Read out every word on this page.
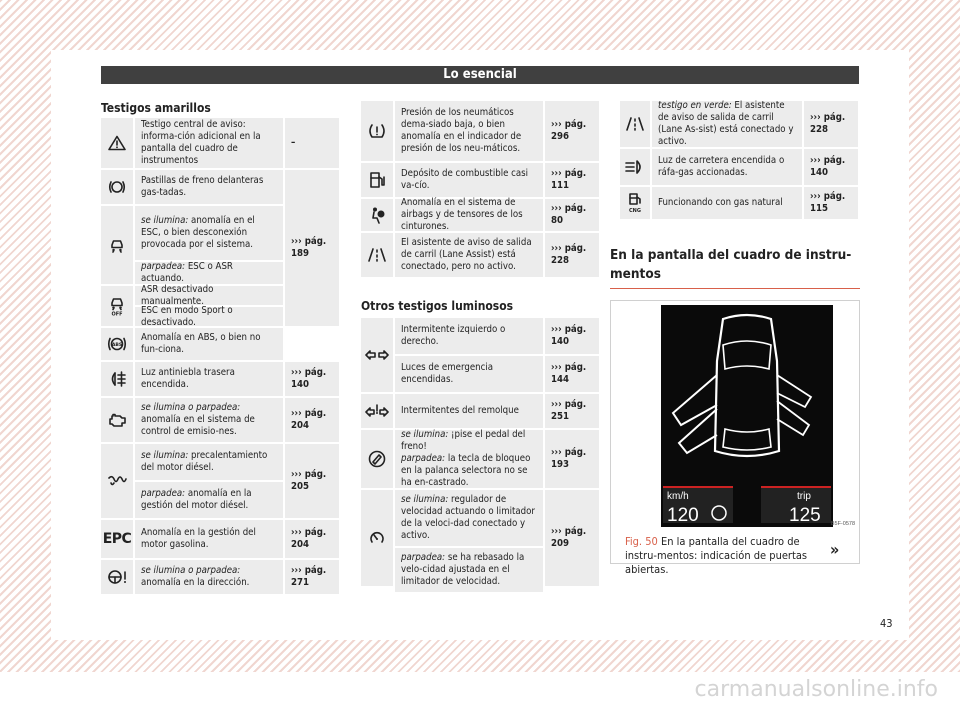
Lo esencial
Testigos amarillos
Testigo central de aviso: informa-ción adicional en la pantalla del cuadro de instrumentos
–
OFF
Pastillas de freno delanteras gas-tadas.
se ilumina: anomalía en el ESC, o bien desconexión provocada por el sistema.
parpadea: ESC o ASR actuando.
ASR desactivado manualmente.
ESC en modo Sport o desactivado.
››› pág. 189
ABS
Anomalía en ABS, o bien no fun-ciona.
Luz antiniebla trasera encendida.
››› pág. 140
se ilumina o parpadea: anomalía en el sistema de control de emisio-nes.
››› pág. 204
se ilumina: precalentamiento del motor diésel.
parpadea: anomalía en la gestión del motor diésel.
››› pág. 205
EPC Anomalía en la gestión del motor gasolina.
››› pág. 204
se ilumina o parpadea: anomalía en la dirección.
››› pág. 271
Presión de los neumáticos dema-siado baja, o bien anomalía en el indicador de presión de los neu-máticos.
››› pág. 296
Depósito de combustible casi va-cío.
››› pág. 111
Anomalía en el sistema de airbags y de tensores de los cinturones.
››› pág. 80
El asistente de aviso de salida de carril (Lane Assist) está conectado, pero no activo.
››› pág. 228
Otros testigos luminosos
Intermitente izquierdo o derecho.
Luces de emergencia encendidas.
››› pág. 140
››› pág. 144
Intermitentes del remolque
››› pág. 251
se ilumina: ¡pise el pedal del freno!
parpadea: la tecla de bloqueo en la palanca selectora no se ha en-castrado.
››› pág. 193
se ilumina: regulador de velocidad actuando o limitador de la veloci-dad conectado y activo.
parpadea: se ha rebasado la velo-cidad ajustada en el limitador de velocidad.
››› pág. 209
testigo en verde: El asistente de aviso de salida de carril (Lane As-sist) está conectado y activo.
››› pág. 228
Luz de carretera encendida o ráfa-gas accionadas.
››› pág. 140
CNG
Funcionando con gas natural
››› pág. 115
En la pantalla del cuadro de instru-mentos
km/h
120
trip
125 B5F-0578
Fig. 50 En la pantalla del cuadro de instru-mentos: indicación de puertas abiertas.
»
43
carmanualsonline.info
